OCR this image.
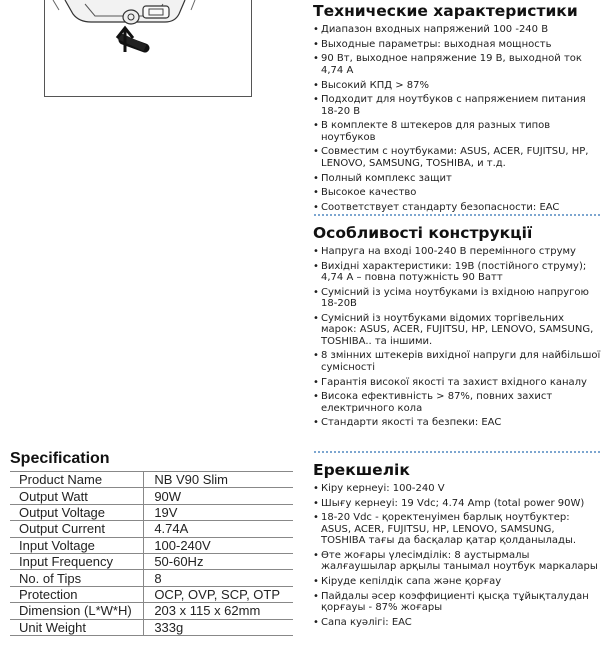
Specification
Product Name	NB V90 Slim
Output Watt	90W
Output Voltage	19V
Output Current	4.74A
Input Voltage	100-240V
Input Frequency	50-60Hz
No. of Tips	8
Protection	OCP, OVP, SCP, OTP
Dimension (L*W*H)	203 x 115 x 62mm
Unit Weight	333g
Технические характеристики
• Диапазон входных напряжений 100 -240 В
• Выходные параметры: выходная мощность
• 90 Вт, выходное напряжение 19 В, выходной ток 4,74 А
• Высокий КПД > 87%
• Подходит для ноутбуков с напряжением питания 18-20 В
• В комплекте 8 штекеров для разных типов ноутбуков
• Совместим с ноутбуками: ASUS, ACER, FUJITSU, HP, LENOVO, SAMSUNG, TOSHIBA, и т.д.
• Полный комплекс защит
• Высокое качество
• Соответствует стандарту безопасности: EAC
Особливості конструкції
• Напруга на вході 100-240 В перемінного струму
• Вихідні характеристики: 19В (постійного струму); 4,74 А – повна потужність 90 Ватт
• Сумісний із усіма ноутбуками із вхідною напругою 18-20В
• Сумісний із ноутбуками відомих торгівельних марок: ASUS, ACER, FUJITSU, HP, LENOVO, SAMSUNG, TOSHIBA.. та іншими.
• 8 змінних штекерів вихідної напруги для найбільшої сумісності
• Гарантія високої якості та захист вхідного каналу
• Висока ефективність > 87%, повних захист електричного кола
• Стандарти якості та безпеки: EAC
Ерекшелік
• Кіру кернеуі: 100-240 V
• Шығу кернеуі: 19 Vdc; 4.74 Amp (total power 90W)
• 18-20 Vdc - қоректенуімен барлық ноутбуктер: ASUS, ACER, FUJITSU, HP, LENOVO, SAMSUNG, TOSHIBA тағы да басқалар қатар қолданылады.
• Өте жоғары үлесімділік: 8 аустырмалы жалғаушылар арқылы танымал ноутбук маркалары
• Кіруде кепілдік сапа және қорғау
• Пайдалы әсер коэффициенті қысқа тұйықталудан қорғауы - 87% жоғары
• Сапа куәлігі: EAC
